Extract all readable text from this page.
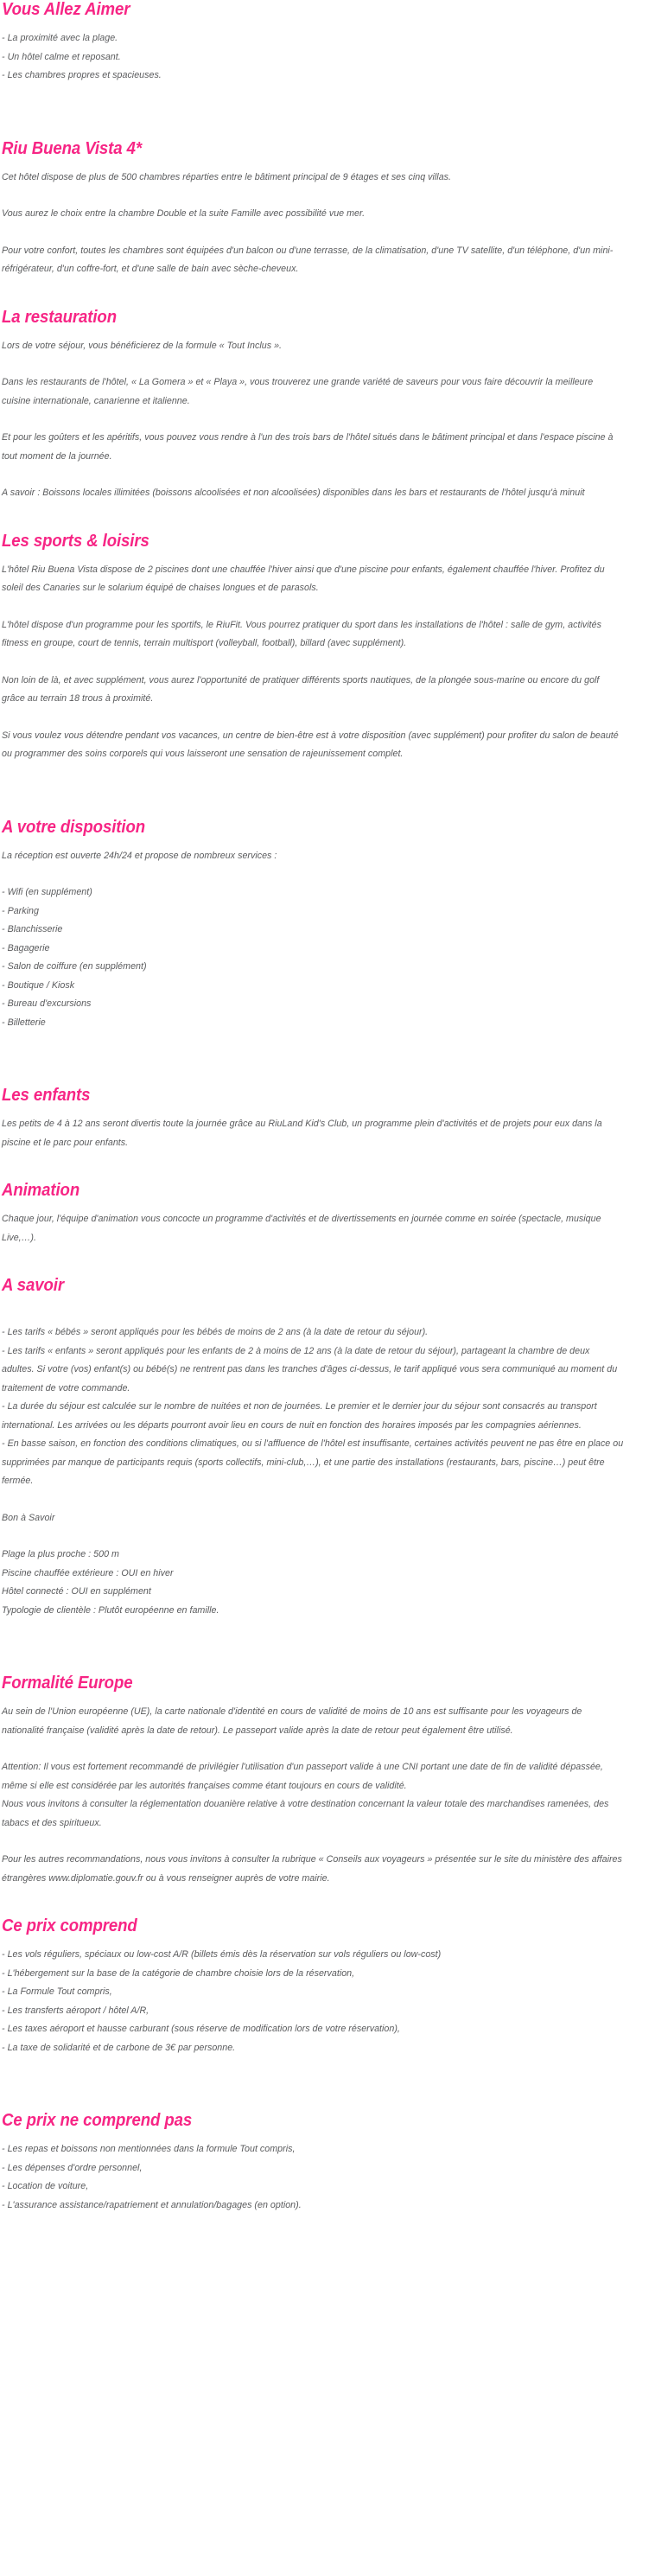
Vous Allez Aimer
- La proximité avec la plage.
- Un hôtel calme et reposant.
- Les chambres propres et spacieuses.
Riu Buena Vista 4*

Cet hôtel dispose de plus de 500 chambres réparties entre le bâtiment principal de 9 étages et ses cinq villas.

Vous aurez le choix entre la chambre Double et la suite Famille avec possibilité vue mer.

Pour votre confort, toutes les chambres sont équipées d'un balcon ou d'une terrasse, de la climatisation, d'une TV satellite, d'un téléphone, d'un mini-réfrigérateur, d'un coffre-fort, et d'une salle de bain avec sèche-cheveux.

La restauration

Lors de votre séjour, vous bénéficierez de la formule « Tout Inclus ».

Dans les restaurants de l'hôtel, « La Gomera » et « Playa », vous trouverez une grande variété de saveurs pour vous faire découvrir la meilleure cuisine internationale, canarienne et italienne.

Et pour les goûters et les apéritifs, vous pouvez vous rendre à l'un des trois bars de l'hôtel situés dans le bâtiment principal et dans l'espace piscine à tout moment de la journée.

A savoir : Boissons locales illimitées (boissons alcoolisées et non alcoolisées) disponibles dans les bars et restaurants de l'hôtel jusqu'à minuit

Les sports & loisirs

L'hôtel Riu Buena Vista dispose de 2 piscines dont une chauffée l'hiver ainsi que d'une piscine pour enfants, également chauffée l'hiver. Profitez du soleil des Canaries sur le solarium équipé de chaises longues et de parasols.

L'hôtel dispose d'un programme pour les sportifs, le RiuFit. Vous pourrez pratiquer du sport dans les installations de l'hôtel : salle de gym, activités fitness en groupe, court de tennis, terrain multisport (volleyball, football), billard (avec supplément).

Non loin de là, et avec supplément, vous aurez l'opportunité de pratiquer différents sports nautiques, de la plongée sous-marine ou encore du golf grâce au terrain 18 trous à proximité.

Si vous voulez vous détendre pendant vos vacances, un centre de bien-être est à votre disposition (avec supplément) pour profiter du salon de beauté ou programmer des soins corporels qui vous laisseront une sensation de rajeunissement complet.

A votre disposition

La réception est ouverte 24h/24 et propose de nombreux services :

- Wifi (en supplément)
- Parking
- Blanchisserie
- Bagagerie
- Salon de coiffure (en supplément)
- Boutique / Kiosk
- Bureau d'excursions
- Billetterie
Les enfants

Les petits de 4 à 12 ans seront divertis toute la journée grâce au RiuLand Kid's Club, un programme plein d'activités et de projets pour eux dans la piscine et le parc pour enfants.

Animation

Chaque jour, l'équipe d'animation vous concocte un programme d'activités et de divertissements en journée comme en soirée (spectacle, musique Live,…).

A savoir

- Les tarifs « bébés » seront appliqués pour les bébés de moins de 2 ans (à la date de retour du séjour).

- Les tarifs « enfants » seront appliqués pour les enfants de 2 à moins de 12 ans (à la date de retour du séjour), partageant la chambre de deux adultes. Si votre (vos) enfant(s) ou bébé(s) ne rentrent pas dans les tranches d'âges ci-dessus, le tarif appliqué vous sera communiqué au moment du traitement de votre commande.

- La durée du séjour est calculée sur le nombre de nuitées et non de journées. Le premier et le dernier jour du séjour sont consacrés au transport international. Les arrivées ou les départs pourront avoir lieu en cours de nuit en fonction des horaires imposés par les compagnies aériennes.

- En basse saison, en fonction des conditions climatiques, ou si l'affluence de l'hôtel est insuffisante, certaines activités peuvent ne pas être en place ou supprimées par manque de participants requis (sports collectifs, mini-club,…), et une partie des installations (restaurants, bars, piscine…) peut être fermée.

Bon à Savoir

Plage la plus proche : 500 m
Piscine chauffée extérieure : OUI en hiver
Hôtel connecté : OUI en supplément
Typologie de clientèle : Plutôt européenne en famille.
Formalité Europe

Au sein de l'Union européenne (UE), la carte nationale d'identité en cours de validité de moins de 10 ans est suffisante pour les voyageurs de nationalité française (validité après la date de retour). Le passeport valide après la date de retour peut également être utilisé.

Attention: Il vous est fortement recommandé de privilégier l'utilisation d'un passeport valide à une CNI portant une date de fin de validité dépassée, même si elle est considérée par les autorités françaises comme étant toujours en cours de validité.

Nous vous invitons à consulter la réglementation douanière relative à votre destination concernant la valeur totale des marchandises ramenées, des tabacs et des spiritueux.

Pour les autres recommandations, nous vous invitons à consulter la rubrique « Conseils aux voyageurs » présentée sur le site du ministère des affaires étrangères www.diplomatie.gouv.fr ou à vous renseigner auprès de votre mairie.

Ce prix comprend
- Les vols réguliers, spéciaux ou low-cost A/R (billets émis dès la réservation sur vols réguliers ou low-cost)
- L'hébergement sur la base de la catégorie de chambre choisie lors de la réservation,
- La Formule Tout compris,
- Les transferts aéroport / hôtel A/R,
- Les taxes aéroport et hausse carburant (sous réserve de modification lors de votre réservation),
- La taxe de solidarité et de carbone de 3€ par personne.
Ce prix ne comprend pas
- Les repas et boissons non mentionnées dans la formule Tout compris,
- Les dépenses d'ordre personnel,
- Location de voiture,
- L'assurance assistance/rapatriement et annulation/bagages (en option).
